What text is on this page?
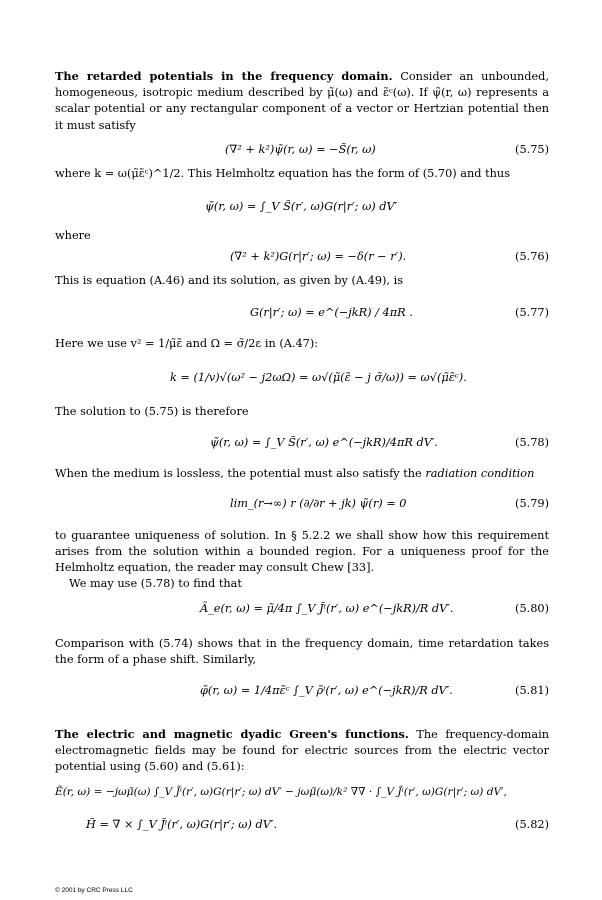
The retarded potentials in the frequency domain. Consider an unbounded, homogeneous, isotropic medium described by μ̃(ω) and ε̃ᶜ(ω). If ψ̃(r, ω) represents a scalar potential or any rectangular component of a vector or Hertzian potential then it must satisfy
(∇² + k²)ψ̃(r, ω) = −S̃(r, ω)	(5.75)
where k = ω(μ̃ε̃ᶜ)^1/2. This Helmholtz equation has the form of (5.70) and thus
ψ̃(r, ω) = ∫_V S̃(r′, ω)G(r|r′; ω) dV′
where
(∇² + k²)G(r|r′; ω) = −δ(r − r′).	(5.76)
This is equation (A.46) and its solution, as given by (A.49), is
G(r|r′; ω) = e^(−jkR) / 4πR .	(5.77)
Here we use v² = 1/μ̃ε̃ and Ω = σ̃/2ε in (A.47):
k = (1/v)√(ω² − j2ωΩ) = ω√(μ̃(ε̃ − j σ̃/ω)) = ω√(μ̃ε̃ᶜ).
The solution to (5.75) is therefore
ψ̃(r, ω) = ∫_V S̃(r′, ω) e^(−jkR)/4πR dV′.	(5.78)
When the medium is lossless, the potential must also satisfy the radiation condition
lim_(r→∞) r (∂/∂r + jk) ψ̃(r) = 0	(5.79)
to guarantee uniqueness of solution. In § 5.2.2 we shall show how this requirement arises from the solution within a bounded region. For a uniqueness proof for the Helmholtz equation, the reader may consult Chew [33].
We may use (5.78) to find that
Ã_e(r, ω) = μ̃/4π ∫_V J̃ⁱ(r′, ω) e^(−jkR)/R dV′.	(5.80)
Comparison with (5.74) shows that in the frequency domain, time retardation takes the form of a phase shift. Similarly,
φ̃(r, ω) = 1/4πε̃ᶜ ∫_V ρ̃ⁱ(r′, ω) e^(−jkR)/R dV′.	(5.81)
The electric and magnetic dyadic Green's functions. The frequency-domain electromagnetic fields may be found for electric sources from the electric vector potential using (5.60) and (5.61):
Ẽ(r, ω) = −jωμ̃(ω) ∫_V J̃ⁱ(r′, ω)G(r|r′; ω) dV′ − jωμ̃(ω)/k² ∇∇ · ∫_V J̃ⁱ(r′, ω)G(r|r′; ω) dV′,
H̃ = ∇ × ∫_V J̃ⁱ(r′, ω)G(r|r′; ω) dV′.	(5.82)
© 2001 by CRC Press LLC
